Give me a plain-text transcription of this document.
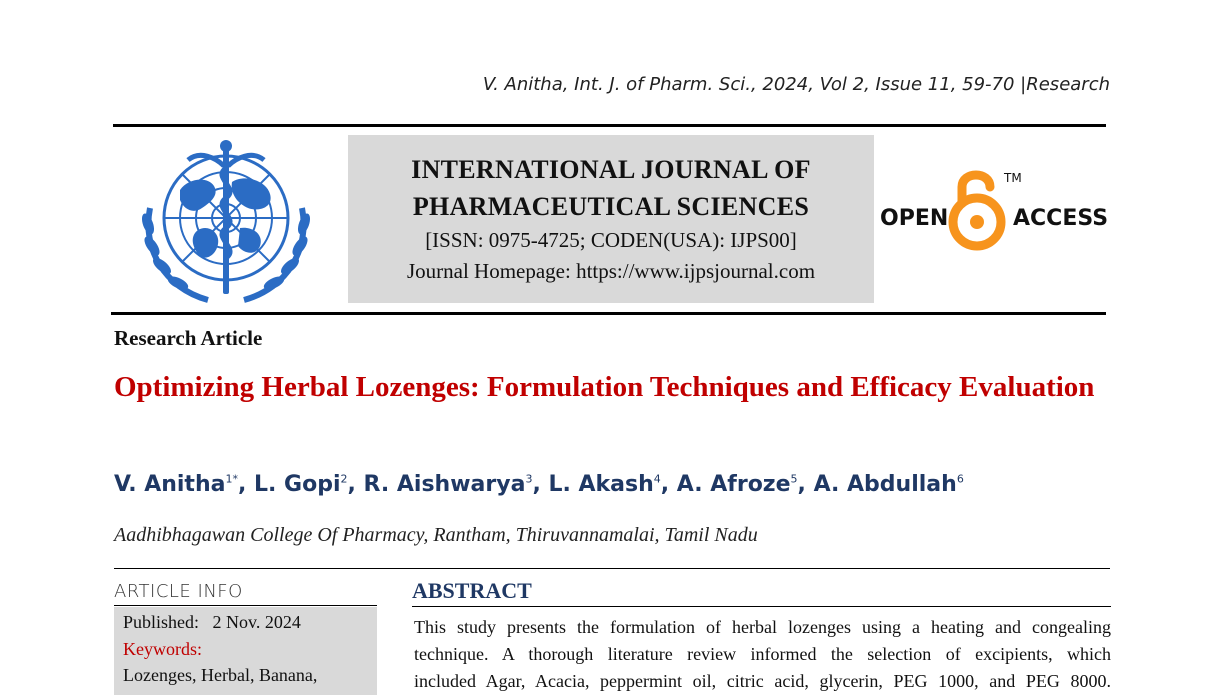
V. Anitha, Int. J. of Pharm. Sci., 2024, Vol 2, Issue 11, 59-70 |Research
INTERNATIONAL JOURNAL OF
PHARMACEUTICAL SCIENCES
[ISSN: 0975-4725; CODEN(USA): IJPS00]
Journal Homepage: https://www.ijpsjournal.com
OPEN	ACCESS
TM
Research Article
Optimizing Herbal Lozenges: Formulation Techniques and Efficacy Evaluation
V. Anitha$^{1*}$, L. Gopi$^2$, R. Aishwarya$^3$, L. Akash$^4$, A. Afroze$^5$, A. Abdullah$^6$
Aadhibhagawan College Of Pharmacy, Rantham, Thiruvannamalai, Tamil Nadu
ARTICLE INFO
Published: 2 Nov. 2024
Keywords:
Lozenges, Herbal, Banana,
ABSTRACT
This study presents the formulation of herbal lozenges using a heating and congealing
technique. A thorough literature review informed the selection of excipients, which
included Agar, Acacia, peppermint oil, citric acid, glycerin, PEG 1000, and PEG 8000.
